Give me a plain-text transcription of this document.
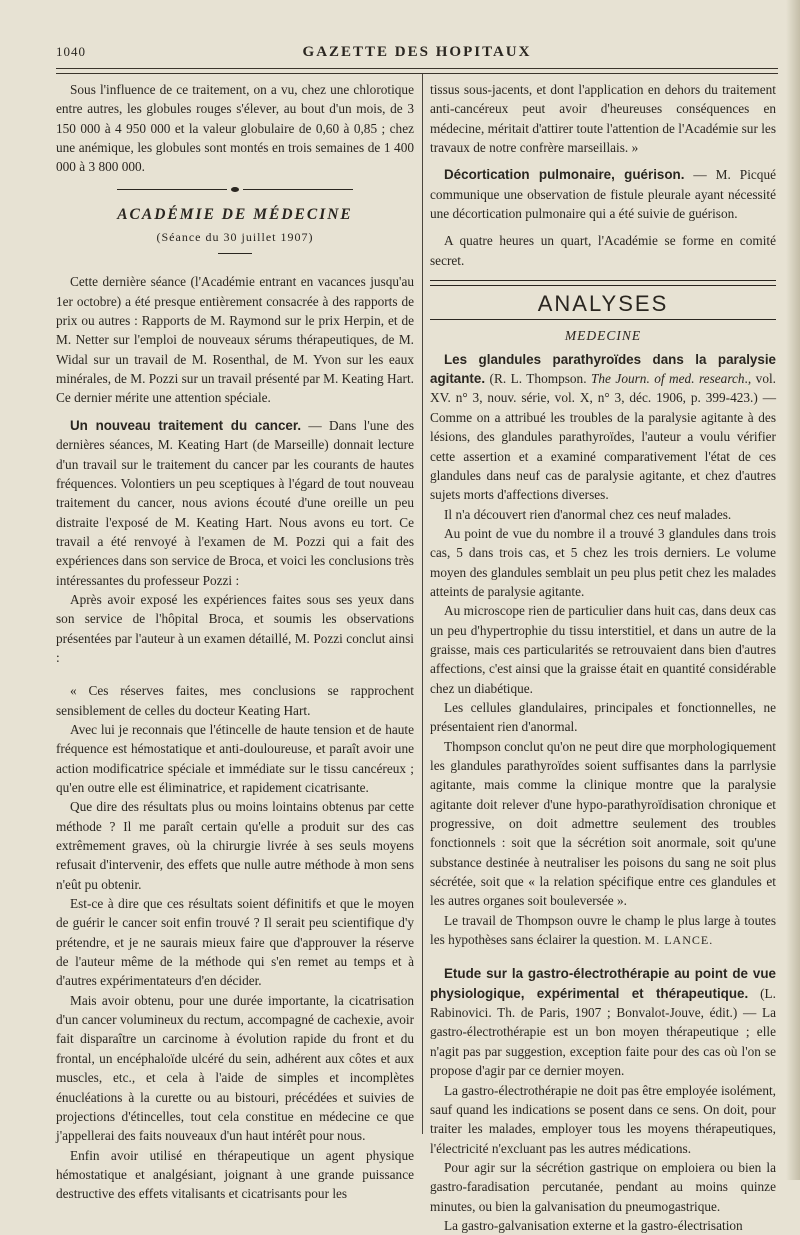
1040	GAZETTE DES HOPITAUX

Sous l'influence de ce traitement, on a vu, chez une chlorotique entre autres, les globules rouges s'élever, au bout d'un mois, de 3 150 000 à 4 950 000 et la valeur globulaire de 0,60 à 0,85 ; chez une anémique, les globules sont montés en trois semaines de 1 400 000 à 3 800 000.

ACADÉMIE DE MÉDECINE
(Séance du 30 juillet 1907)

Cette dernière séance (l'Académie entrant en vacances jusqu'au 1er octobre) a été presque entièrement consacrée à des rapports de prix ou autres : Rapports de M. Raymond sur le prix Herpin, et de M. Netter sur l'emploi de nouveaux sérums thérapeutiques, de M. Widal sur un travail de M. Rosenthal, de M. Yvon sur les eaux minérales, de M. Pozzi sur un travail présenté par M. Keating Hart. Ce dernier mérite une attention spéciale.

Un nouveau traitement du cancer. — Dans l'une des dernières séances, M. Keating Hart (de Marseille) donnait lecture d'un travail sur le traitement du cancer par les courants de hautes fréquences. Volontiers un peu sceptiques à l'égard de tout nouveau traitement du cancer, nous avions écouté d'une oreille un peu distraite l'exposé de M. Keating Hart. Nous avons eu tort. Ce travail a été renvoyé à l'examen de M. Pozzi qui a fait des expériences dans son service de Broca, et voici les conclusions très intéressantes du professeur Pozzi :

Après avoir exposé les expériences faites sous ses yeux dans son service de l'hôpital Broca, et soumis les observations présentées par l'auteur à un examen détaillé, M. Pozzi conclut ainsi :

« Ces réserves faites, mes conclusions se rapprochent sensiblement de celles du docteur Keating Hart.

Avec lui je reconnais que l'étincelle de haute tension et de haute fréquence est hémostatique et anti-douloureuse, et paraît avoir une action modificatrice spéciale et immédiate sur le tissu cancéreux ; qu'en outre elle est éliminatrice, et rapidement cicatrisante.

Que dire des résultats plus ou moins lointains obtenus par cette méthode ? Il me paraît certain qu'elle a produit sur des cas extrêmement graves, où la chirurgie livrée à ses seuls moyens refusait d'intervenir, des effets que nulle autre méthode à mon sens n'eût pu obtenir.

Est-ce à dire que ces résultats soient définitifs et que le moyen de guérir le cancer soit enfin trouvé ? Il serait peu scientifique d'y prétendre, et je ne saurais mieux faire que d'approuver la réserve de l'auteur même de la méthode qui s'en remet au temps et à d'autres expérimentateurs d'en décider.

Mais avoir obtenu, pour une durée importante, la cicatrisation d'un cancer volumineux du rectum, accompagné de cachexie, avoir fait disparaître un carcinome à évolution rapide du front et du frontal, un encéphaloïde ulcéré du sein, adhérent aux côtes et aux muscles, etc., et cela à l'aide de simples et incomplètes énucléations à la curette ou au bistouri, précédées et suivies de projections d'étincelles, tout cela constitue en médecine ce que j'appellerai des faits nouveaux d'un haut intérêt pour nous.

Enfin avoir utilisé en thérapeutique un agent physique hémostatique et analgésiant, joignant à une grande puissance destructive des effets vitalisants et cicatrisants pour les

tissus sous-jacents, et dont l'application en dehors du traitement anti-cancéreux peut avoir d'heureuses conséquences en médecine, méritait d'attirer toute l'attention de l'Académie sur les travaux de notre confrère marseillais. »

Décortication pulmonaire, guérison. — M. Picqué communique une observation de fistule pleurale ayant nécessité une décortication pulmonaire qui a été suivie de guérison.

A quatre heures un quart, l'Académie se forme en comité secret.

ANALYSES
MEDECINE

Les glandules parathyroïdes dans la paralysie agitante. (R. L. Thompson. The Journ. of med. research., vol. XV. n° 3, nouv. série, vol. X, n° 3, déc. 1906, p. 399-423.) — Comme on a attribué les troubles de la paralysie agitante à des lésions, des glandules parathyroïdes, l'auteur a voulu vérifier cette assertion et a examiné comparativement l'état de ces glandules dans neuf cas de paralysie agitante, et chez d'autres sujets morts d'affections diverses.

Il n'a découvert rien d'anormal chez ces neuf malades.

Au point de vue du nombre il a trouvé 3 glandules dans trois cas, 5 dans trois cas, et 5 chez les trois derniers. Le volume moyen des glandules semblait un peu plus petit chez les malades atteints de paralysie agitante.

Au microscope rien de particulier dans huit cas, dans deux cas un peu d'hypertrophie du tissu interstitiel, et dans un autre de la graisse, mais ces particularités se retrouvaient dans bien d'autres affections, c'est ainsi que la graisse était en quantité considérable chez un diabétique.

Les cellules glandulaires, principales et fonctionnelles, ne présentaient rien d'anormal.

Thompson conclut qu'on ne peut dire que morphologiquement les glandules parathyroïdes soient suffisantes dans la parrlysie agitante, mais comme la clinique montre que la paralysie agitante doit relever d'une hypo-parathyroïdisation chronique et progressive, on doit admettre seulement des troubles fonctionnels : soit que la sécrétion soit anormale, soit qu'une substance destinée à neutraliser les poisons du sang ne soit plus sécrétée, soit que « la relation spécifique entre ces glandules et les autres organes soit bouleversée ».

Le travail de Thompson ouvre le champ le plus large à toutes les hypothèses sans éclairer la question. M. LANCE.

Etude sur la gastro-électrothérapie au point de vue physiologique, expérimental et thérapeutique. (L. Rabinovici. Th. de Paris, 1907 ; Bonvalot-Jouve, édit.) — La gastro-électrothérapie est un bon moyen thérapeutique ; elle n'agit pas par suggestion, exception faite pour des cas où l'on se propose d'agir par ce dernier moyen.

La gastro-électrothérapie ne doit pas être employée isolément, sauf quand les indications se posent dans ce sens. On doit, pour traiter les malades, employer tous les moyens thérapeutiques, l'électricité n'excluant pas les autres médications.

Pour agir sur la sécrétion gastrique on emploiera ou bien la gastro-faradisation percutanée, pendant au moins quinze minutes, ou bien la galvanisation du pneumogastrique.

La gastro-galvanisation externe et la gastro-électrisation
